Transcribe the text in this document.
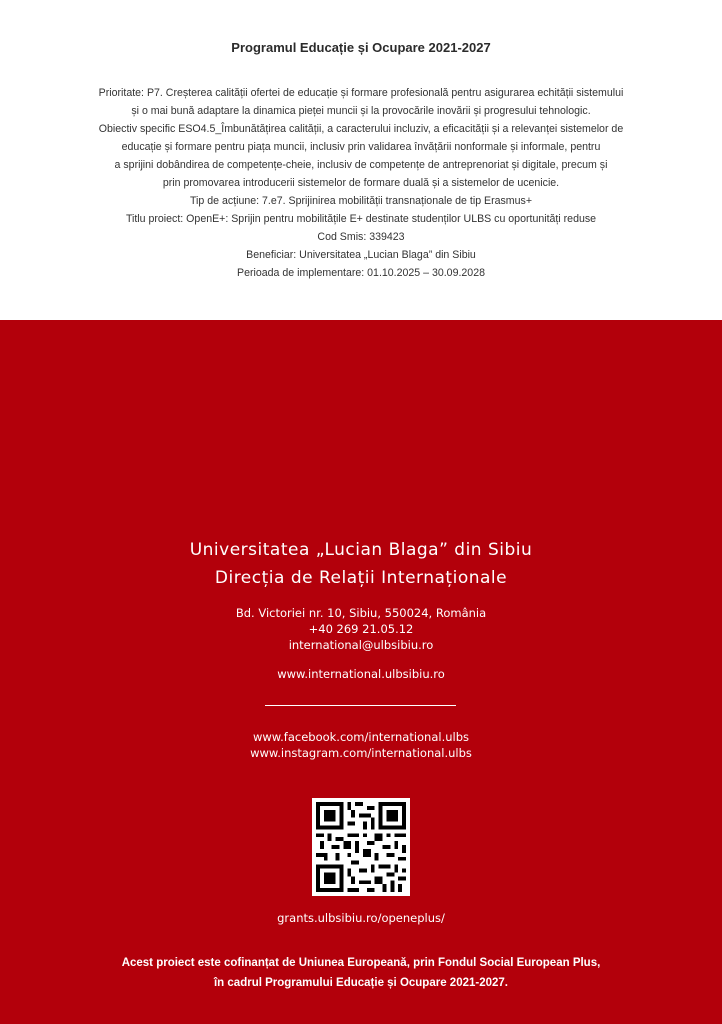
Programul Educație și Ocupare 2021-2027
Prioritate: P7. Creșterea calității ofertei de educație și formare profesională pentru asigurarea echității sistemului
și o mai bună adaptare la dinamica pieței muncii și la provocările inovării și progresului tehnologic.
Obiectiv specific ESO4.5_Îmbunătățirea calității, a caracterului incluziv, a eficacității și a relevanței sistemelor de
educație și formare pentru piața muncii, inclusiv prin validarea învățării nonformale și informale, pentru
a sprijini dobândirea de competențe-cheie, inclusiv de competențe de antreprenoriat și digitale, precum și
prin promovarea introducerii sistemelor de formare duală și a sistemelor de ucenicie.
Tip de acțiune: 7.e7. Sprijinirea mobilității transnaționale de tip Erasmus+
Titlu proiect: OpenE+: Sprijin pentru mobilitățile E+ destinate studenților ULBS cu oportunități reduse
Cod Smis: 339423
Beneficiar: Universitatea „Lucian Blaga” din Sibiu
Perioada de implementare: 01.10.2025 – 30.09.2028
Universitatea „Lucian Blaga” din Sibiu
Direcția de Relații Internaționale
Bd. Victoriei nr. 10, Sibiu, 550024, România
+40 269 21.05.12
international@ulbsibiu.ro
www.international.ulbsibiu.ro
www.facebook.com/international.ulbs
www.instagram.com/international.ulbs
grants.ulbsibiu.ro/openeplus/
Acest proiect este cofinanțat de Uniunea Europeană, prin Fondul Social European Plus,
în cadrul Programului Educație și Ocupare 2021-2027.
